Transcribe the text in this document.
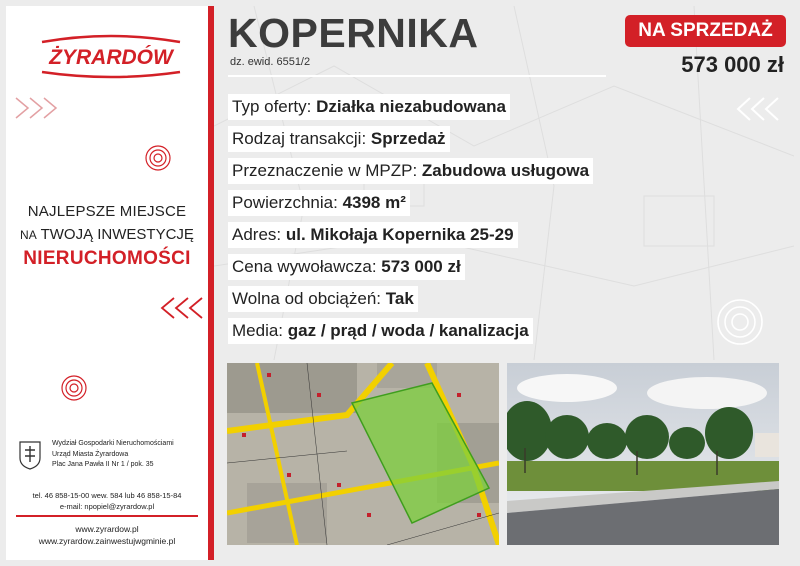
ŻYRARDÓW
NAJLEPSZE MIEJSCE
NA TWOJĄ INWESTYCJĘ
NIERUCHOMOŚCI
Wydział Gospodarki Nieruchomościami
Urząd Miasta Żyrardowa
Plac Jana Pawła II Nr 1 / pok. 35
tel. 46 858-15-00 wew. 584 lub 46 858-15-84
e-mail: npopiel@zyrardow.pl
www.zyrardow.pl
www.zyrardow.zainwestujwgminie.pl
KOPERNIKA
dz. ewid. 6551/2
NA SPRZEDAŻ
573 000 zł
Typ oferty: Działka niezabudowana
Rodzaj transakcji: Sprzedaż
Przeznaczenie w MPZP: Zabudowa usługowa
Powierzchnia: 4398 m²
Adres: ul. Mikołaja Kopernika 25-29
Cena wywoławcza: 573 000 zł
Wolna od obciążeń: Tak
Media: gaz / prąd / woda / kanalizacja
